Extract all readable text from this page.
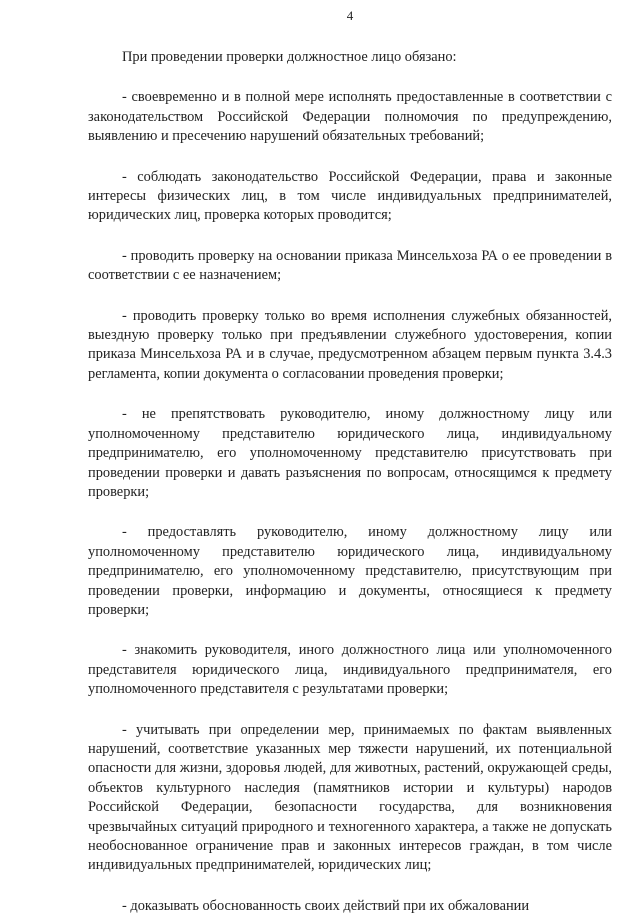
4

При проведении проверки должностное лицо обязано:

- своевременно и в полной мере исполнять предоставленные в соответствии с законодательством Российской Федерации полномочия по предупреждению, выявлению и пресечению нарушений обязательных требований;

- соблюдать законодательство Российской Федерации, права и законные интересы физических лиц, в том числе индивидуальных предпринимателей, юридических лиц, проверка которых проводится;

- проводить проверку на основании приказа Минсельхоза РА о ее проведении в соответствии с ее назначением;

- проводить проверку только во время исполнения служебных обязанностей, выездную проверку только при предъявлении служебного удостоверения, копии приказа Минсельхоза РА и в случае, предусмотренном абзацем первым пункта 3.4.3 регламента, копии документа о согласовании проведения проверки;

- не препятствовать руководителю, иному должностному лицу или уполномоченному представителю юридического лица, индивидуальному предпринимателю, его уполномоченному представителю присутствовать при проведении проверки и давать разъяснения по вопросам, относящимся к предмету проверки;

- предоставлять руководителю, иному должностному лицу или уполномоченному представителю юридического лица, индивидуальному предпринимателю, его уполномоченному представителю, присутствующим при проведении проверки, информацию и документы, относящиеся к предмету проверки;

- знакомить руководителя, иного должностного лица или уполномоченного представителя юридического лица, индивидуального предпринимателя, его уполномоченного представителя с результатами проверки;

- учитывать при определении мер, принимаемых по фактам выявленных нарушений, соответствие указанных мер тяжести нарушений, их потенциальной опасности для жизни, здоровья людей, для животных, растений, окружающей среды, объектов культурного наследия (памятников истории и культуры) народов Российской Федерации, безопасности государства, для возникновения чрезвычайных ситуаций природного и техногенного характера, а также не допускать необоснованное ограничение прав и законных интересов граждан, в том числе индивидуальных предпринимателей, юридических лиц;

- доказывать обоснованность своих действий при их обжаловании
